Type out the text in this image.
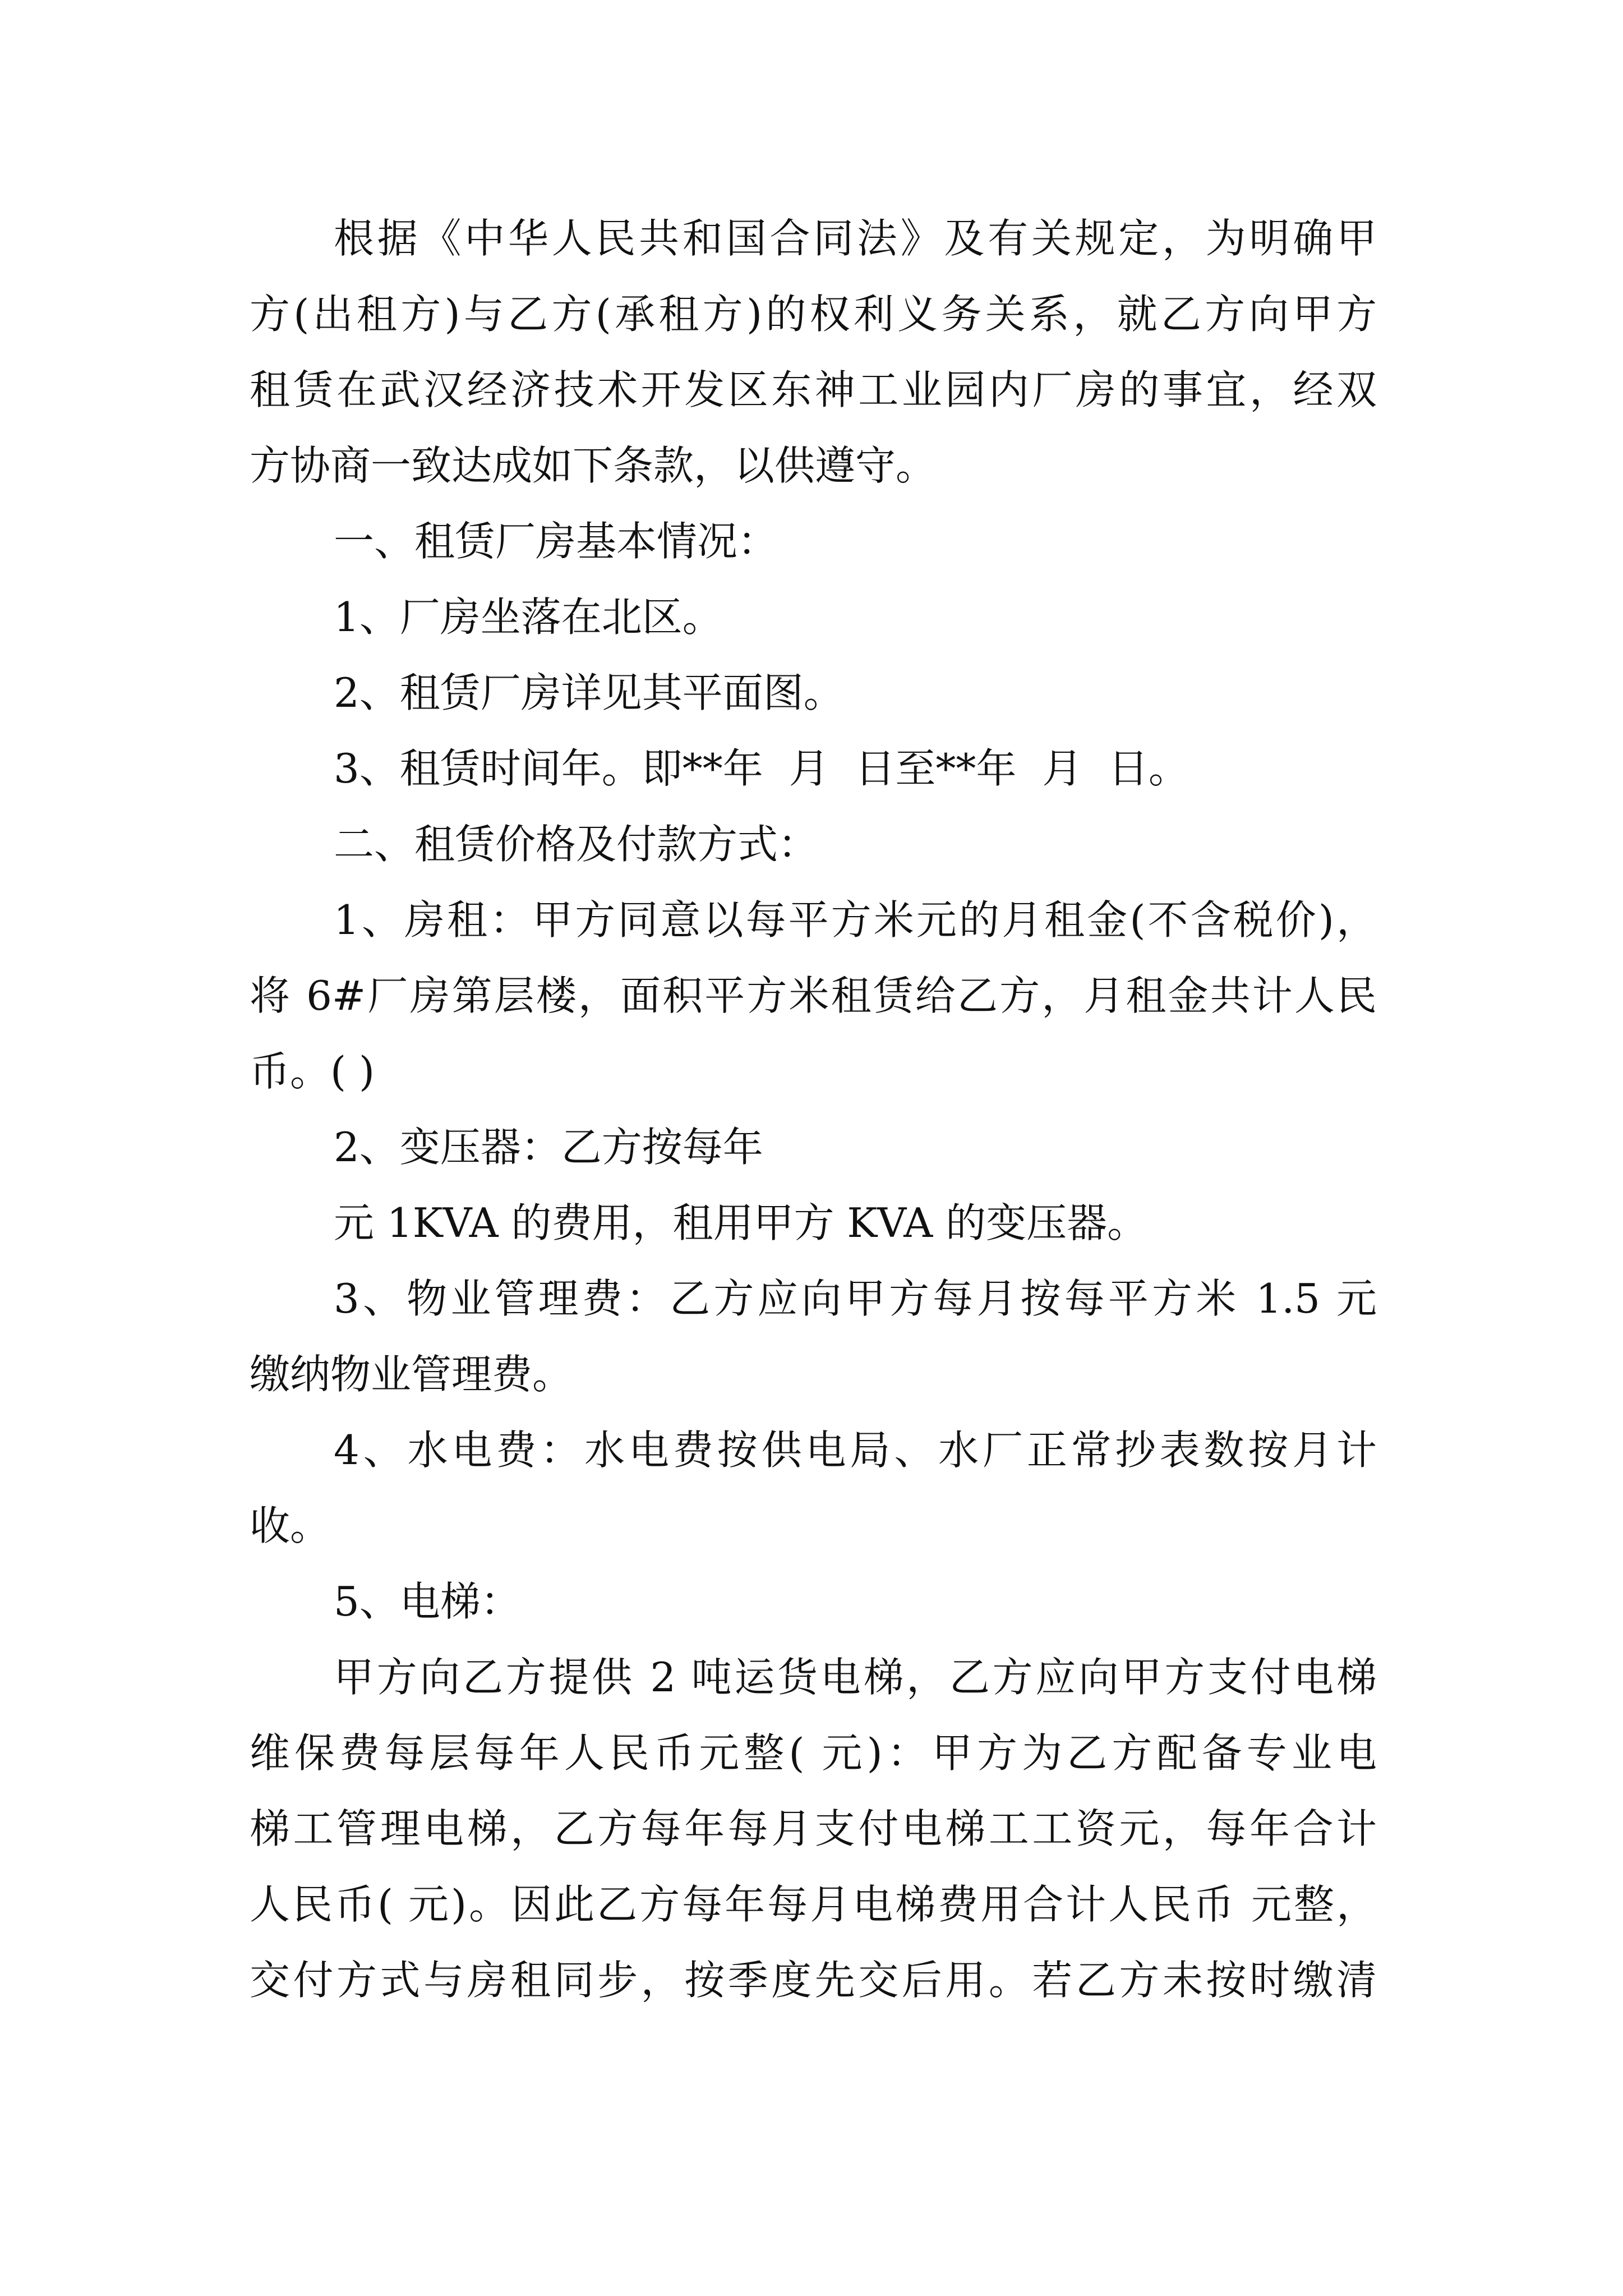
根据《中华人民共和国合同法》及有关规定，为明确甲
方(出租方)与乙方(承租方)的权利义务关系，就乙方向甲方
租赁在武汉经济技术开发区东神工业园内厂房的事宜，经双
方协商一致达成如下条款，以供遵守。
一、租赁厂房基本情况：
1、厂房坐落在北区。
2、租赁厂房详见其平面图。
3、租赁时间年。即**年  月  日至**年  月  日。
二、租赁价格及付款方式：
1、房租：甲方同意以每平方米元的月租金(不含税价)，
将 6#厂房第层楼，面积平方米租赁给乙方，月租金共计人民
币。( )
2、变压器：乙方按每年
元 1KVA 的费用，租用甲方 KVA 的变压器。
3、物业管理费：乙方应向甲方每月按每平方米 1.5 元
缴纳物业管理费。
4、水电费：水电费按供电局、水厂正常抄表数按月计
收。
5、电梯：
甲方向乙方提供 2 吨运货电梯，乙方应向甲方支付电梯
维保费每层每年人民币元整( 元)：甲方为乙方配备专业电
梯工管理电梯，乙方每年每月支付电梯工工资元，每年合计
人民币( 元)。因此乙方每年每月电梯费用合计人民币 元整，
交付方式与房租同步，按季度先交后用。若乙方未按时缴清
